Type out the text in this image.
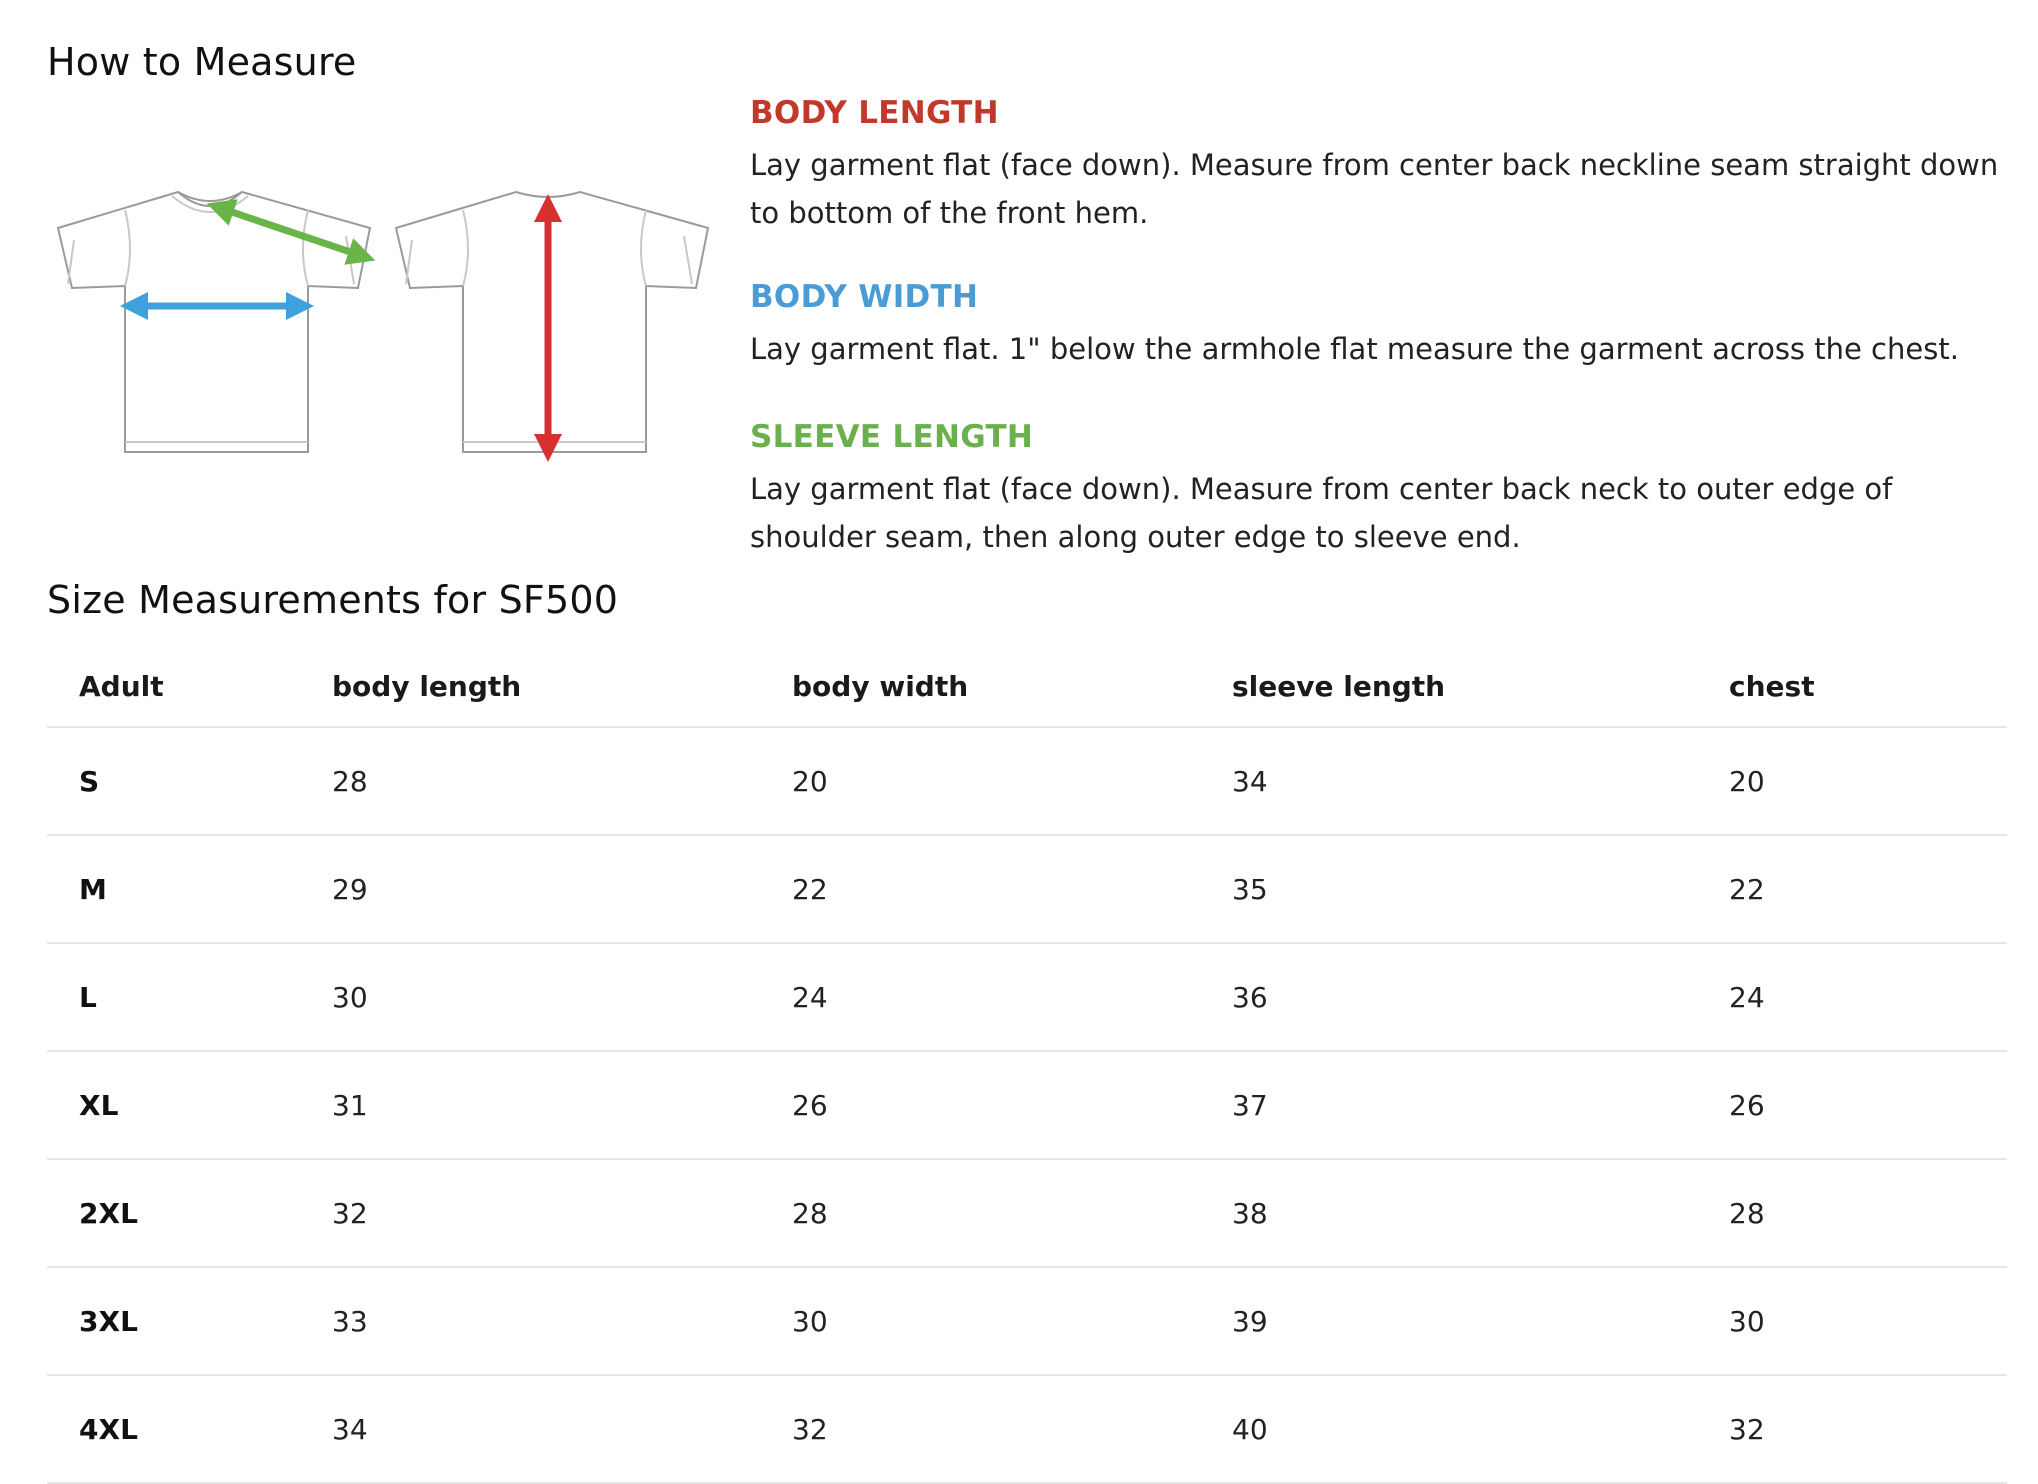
How to Measure

BODY LENGTH

Lay garment flat (face down). Measure from center back neckline seam straight down to bottom of the front hem.

BODY WIDTH

Lay garment flat. 1" below the armhole flat measure the garment across the chest.

SLEEVE LENGTH

Lay garment flat (face down). Measure from center back neck to outer edge of shoulder seam, then along outer edge to sleeve end.

Size Measurements for SF500
Adult	body length	body width	sleeve length	chest
S	28	20	34	20
M	29	22	35	22
L	30	24	36	24
XL	31	26	37	26
2XL	32	28	38	28
3XL	33	30	39	30
4XL	34	32	40	32
